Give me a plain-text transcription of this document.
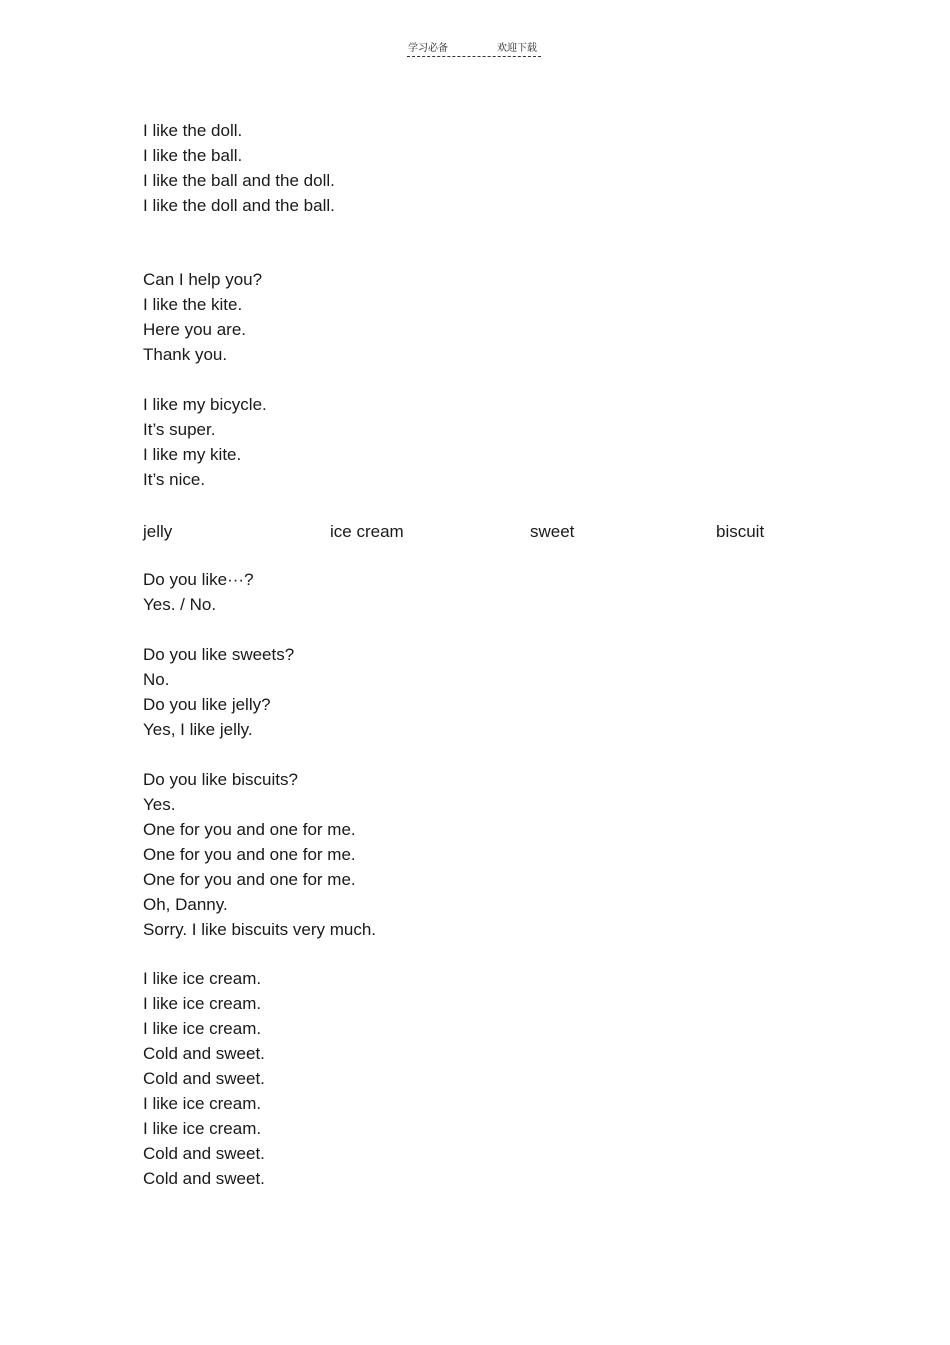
学习必备	欢迎下载
I like the doll.
I like the ball.
I like the ball and the doll.
I like the doll and the ball.
Can I help you?
I like the kite.
Here you are.
Thank you.
I like my bicycle.
It’s super.
I like my kite.
It’s nice.
jelly	ice cream	sweet	biscuit
Do you like···?
Yes. / No.
Do you like sweets?
No.
Do you like jelly?
Yes, I like jelly.
Do you like biscuits?
Yes.
One for you and one for me.
One for you and one for me.
One for you and one for me.
Oh, Danny.
Sorry. I like biscuits very much.
I like ice cream.
I like ice cream.
I like ice cream.
Cold and sweet.
Cold and sweet.
I like ice cream.
I like ice cream.
Cold and sweet.
Cold and sweet.
